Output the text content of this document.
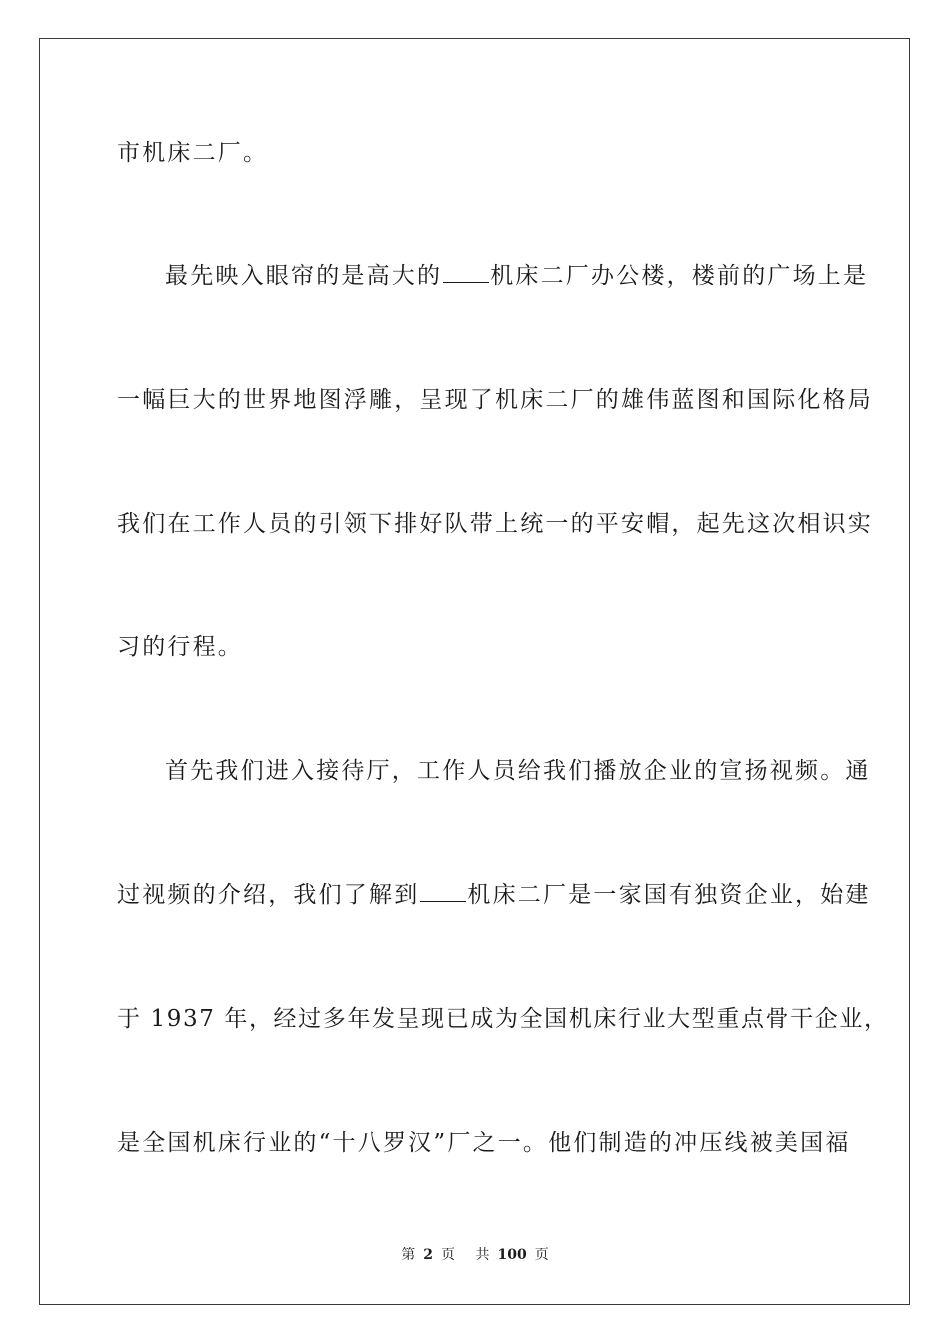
市机床二厂。
最先映入眼帘的是高大的 机床二厂办公楼，楼前的广场上是
一幅巨大的世界地图浮雕，呈现了机床二厂的雄伟蓝图和国际化格局
我们在工作人员的引领下排好队带上统一的平安帽，起先这次相识实
习的行程。
首先我们进入接待厅，工作人员给我们播放企业的宣扬视频。通
过视频的介绍，我们了解到 机床二厂是一家国有独资企业，始建
于 1937 年，经过多年发呈现已成为全国机床行业大型重点骨干企业，
是全国机床行业的“十八罗汉”厂之一。他们制造的冲压线被美国福
第 2 页 共 100 页
